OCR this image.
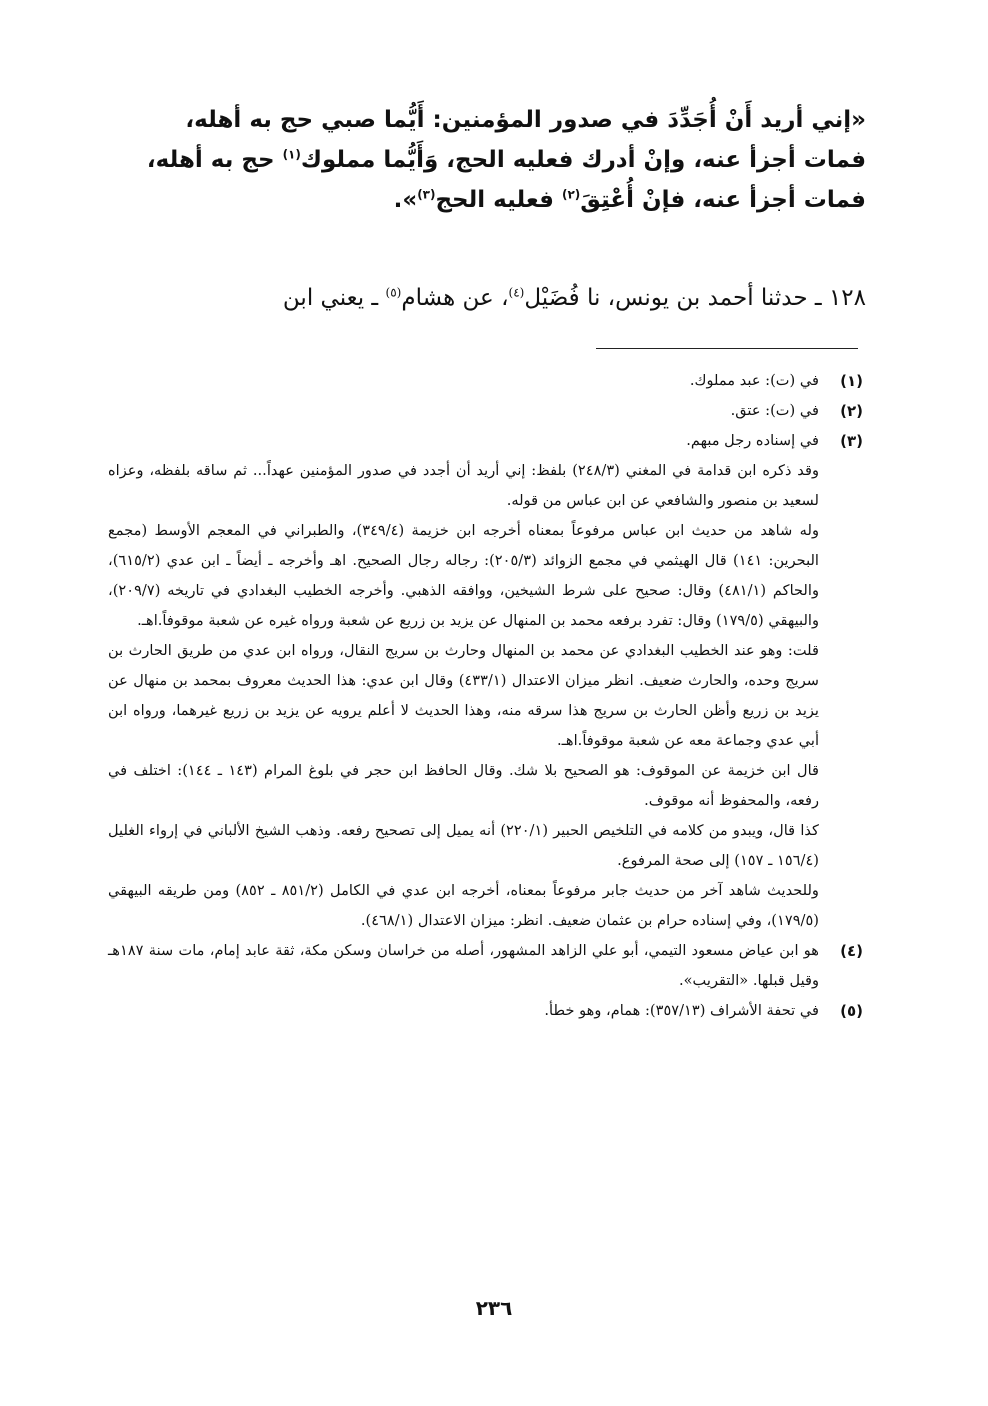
«إني أريد أَنْ أُجَدِّدَ في صدور المؤمنين: أَيُّما صبي حج به أهله،

فمات أجزأ عنه، وإنْ أدرك فعليه الحج، وَأَيُّما مملوك$^{(١)}$ حج به أهله،

فمات أجزأ عنه، فإنْ أُعْتِقَ$^{(٢)}$ فعليه الحج$^{(٣)}$».

١٢٨ ـ حدثنا أحمد بن يونس، نا فُضَيْل$^{(٤)}$، عن هشام$^{(٥)}$ ـ يعني ابن

(١)

في (ت): عبد مملوك.

(٢)

في (ت): عتق.

(٣)

في إسناده رجل مبهم.

وقد ذكره ابن قدامة في المغني (٢٤٨/٣) بلفظ: إني أريد أن أجدد في صدور المؤمنين عهداً... ثم ساقه بلفظه، وعزاه لسعيد بن منصور والشافعي عن ابن عباس من قوله.

وله شاهد من حديث ابن عباس مرفوعاً بمعناه أخرجه ابن خزيمة (٣٤٩/٤)، والطبراني في المعجم الأوسط (مجمع البحرين: ١٤١) قال الهيثمي في مجمع الزوائد (٢٠٥/٣): رجاله رجال الصحيح. اهـ وأخرجه ـ أيضاً ـ ابن عدي (٦١٥/٢)، والحاكم (٤٨١/١) وقال: صحيح على شرط الشيخين، ووافقه الذهبي. وأخرجه الخطيب البغدادي في تاريخه (٢٠٩/٧)، والبيهقي (١٧٩/٥) وقال: تفرد برفعه محمد بن المنهال عن يزيد بن زريع عن شعبة ورواه غيره عن شعبة موقوفاً.اهـ.

قلت: وهو عند الخطيب البغدادي عن محمد بن المنهال وحارث بن سريج النقال، ورواه ابن عدي من طريق الحارث بن سريج وحده، والحارث ضعيف. انظر ميزان الاعتدال (٤٣٣/١) وقال ابن عدي: هذا الحديث معروف بمحمد بن منهال عن يزيد بن زريع وأظن الحارث بن سريج هذا سرقه منه، وهذا الحديث لا أعلم يرويه عن يزيد بن زريع غيرهما، ورواه ابن أبي عدي وجماعة معه عن شعبة موقوفاً.اهـ.

قال ابن خزيمة عن الموقوف: هو الصحيح بلا شك. وقال الحافظ ابن حجر في بلوغ المرام (١٤٣ ـ ١٤٤): اختلف في رفعه، والمحفوظ أنه موقوف.

كذا قال، ويبدو من كلامه في التلخيص الحبير (٢٢٠/١) أنه يميل إلى تصحيح رفعه. وذهب الشيخ الألباني في إرواء الغليل (١٥٦/٤ ـ ١٥٧) إلى صحة المرفوع.

وللحديث شاهد آخر من حديث جابر مرفوعاً بمعناه، أخرجه ابن عدي في الكامل (٨٥١/٢ ـ ٨٥٢) ومن طريقه البيهقي (١٧٩/٥)، وفي إسناده حرام بن عثمان ضعيف. انظر: ميزان الاعتدال (٤٦٨/١).

(٤)

هو ابن عياض مسعود التيمي، أبو علي الزاهد المشهور، أصله من خراسان وسكن مكة، ثقة عابد إمام، مات سنة ١٨٧هـ وقيل قبلها. «التقريب».

(٥)

في تحفة الأشراف (٣٥٧/١٣): همام، وهو خطأ.

٢٣٦
